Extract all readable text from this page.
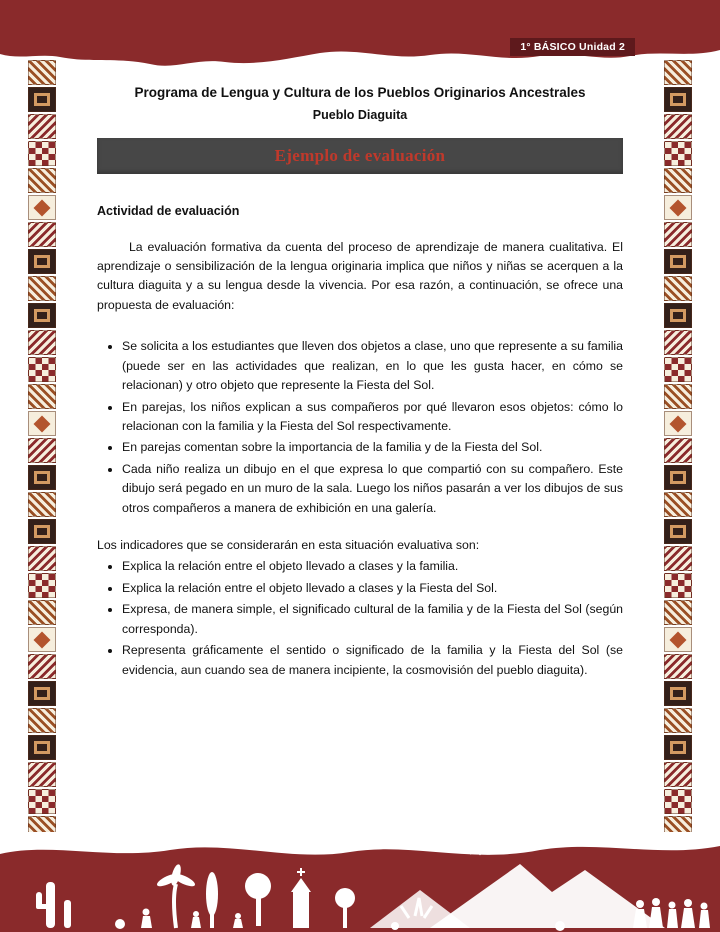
1° BÁSICO Unidad 2
Programa de Lengua y Cultura de los Pueblos Originarios Ancestrales
Pueblo Diaguita
Ejemplo de evaluación
Actividad de evaluación

La evaluación formativa da cuenta del proceso de aprendizaje de manera cualitativa. El aprendizaje o sensibilización de la lengua originaria implica que niños y niñas se acerquen a la cultura diaguita y a su lengua desde la vivencia. Por esa razón, a continuación, se ofrece una propuesta de evaluación:

• Se solicita a los estudiantes que lleven dos objetos a clase, uno que represente a su familia (puede ser en las actividades que realizan, en lo que les gusta hacer, en cómo se relacionan) y otro objeto que represente la Fiesta del Sol.
• En parejas, los niños explican a sus compañeros por qué llevaron esos objetos: cómo lo relacionan con la familia y la Fiesta del Sol respectivamente.
• En parejas comentan sobre la importancia de la familia y de la Fiesta del Sol.
• Cada niño realiza un dibujo en el que expresa lo que compartió con su compañero. Este dibujo será pegado en un muro de la sala. Luego los niños pasarán a ver los dibujos de sus otros compañeros a manera de exhibición en una galería.

Los indicadores que se considerarán en esta situación evaluativa son:

• Explica la relación entre el objeto llevado a clases y la familia.
• Explica la relación entre el objeto llevado a clases y la Fiesta del Sol.
• Expresa, de manera simple, el significado cultural de la familia y de la Fiesta del Sol (según corresponda).
• Representa gráficamente el sentido o significado de la familia y la Fiesta del Sol (se evidencia, aun cuando sea de manera incipiente, la cosmovisión del pueblo diaguita).
